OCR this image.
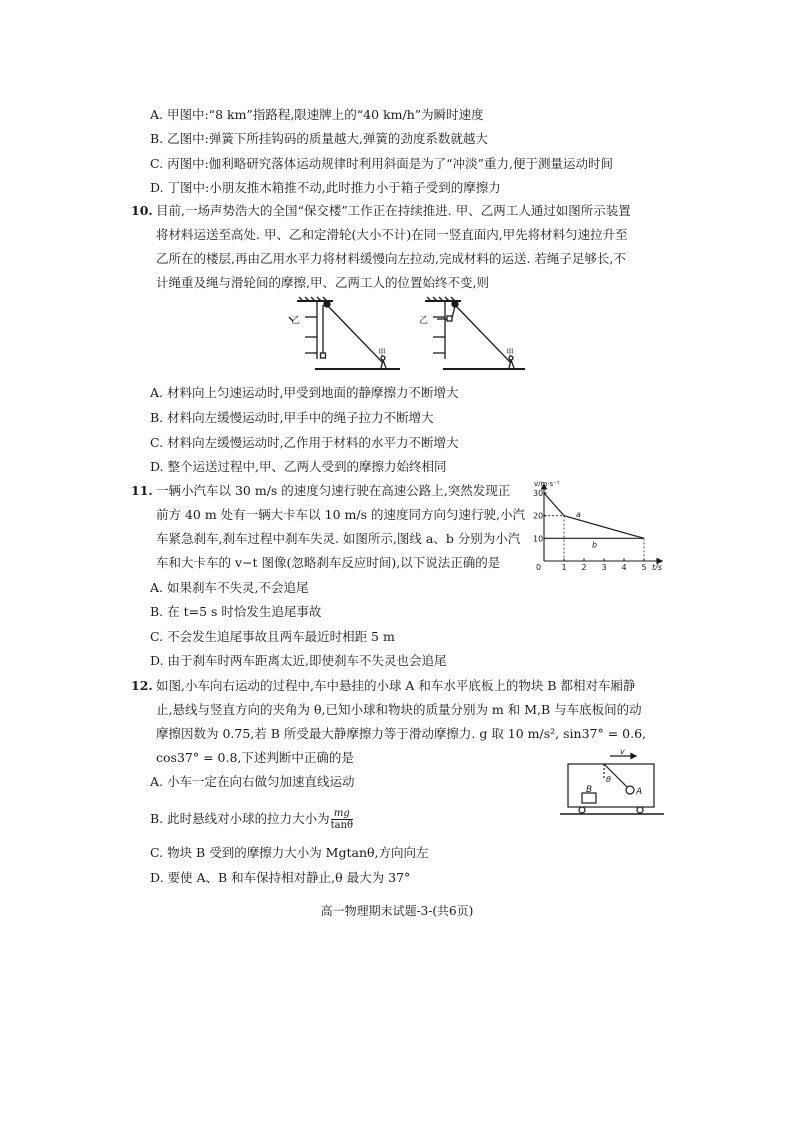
A. 甲图中:“8 km”指路程,限速牌上的“40 km/h”为瞬时速度
B. 乙图中:弹簧下所挂钩码的质量越大,弹簧的劲度系数就越大
C. 丙图中:伽利略研究落体运动规律时利用斜面是为了“冲淡”重力,便于测量运动时间
D. 丁图中:小朋友推木箱推不动,此时推力小于箱子受到的摩擦力
10. 目前,一场声势浩大的全国“保交楼”工作正在持续推进. 甲、乙两工人通过如图所示装置
将材料运送至高处. 甲、乙和定滑轮(大小不计)在同一竖直面内,甲先将材料匀速拉升至
乙所在的楼层,再由乙用水平力将材料缓慢向左拉动,完成材料的运送. 若绳子足够长,不
计绳重及绳与滑轮间的摩擦,甲、乙两工人的位置始终不变,则
乙
甲
乙
甲
A. 材料向上匀速运动时,甲受到地面的静摩擦力不断增大
B. 材料向左缓慢运动时,甲手中的绳子拉力不断增大
C. 材料向左缓慢运动时,乙作用于材料的水平力不断增大
D. 整个运送过程中,甲、乙两人受到的摩擦力始终相同
11. 一辆小汽车以 30 m/s 的速度匀速行驶在高速公路上,突然发现正
前方 40 m 处有一辆大卡车以 10 m/s 的速度同方向匀速行驶,小汽
车紧急刹车,刹车过程中刹车失灵. 如图所示,图线 a、b 分别为小汽
车和大卡车的 v−t 图像(忽略刹车反应时间),以下说法正确的是	0	1 2 3 4 5
10
20
30
a
b
v/m·s⁻¹
t/s
A. 如果刹车不失灵,不会追尾
B. 在 t=5 s 时恰发生追尾事故
C. 不会发生追尾事故且两车最近时相距 5 m
D. 由于刹车时两车距离太近,即使刹车不失灵也会追尾
12. 如图,小车向右运动的过程中,车中悬挂的小球 A 和车水平底板上的物块 B 都相对车厢静
止,悬线与竖直方向的夹角为 θ,已知小球和物块的质量分别为 m 和 M,B 与车底板间的动
摩擦因数为 0.75,若 B 所受最大静摩擦力等于滑动摩擦力. g 取 10 m/s², sin37° = 0.6,
cos37° = 0.8,下述判断中正确的是	v
θ
A
B
A. 小车一定在向右做匀加速直线运动
B. 此时悬线对小球的拉力大小为 $\frac{mg}{\tan\theta}$
C. 物块 B 受到的摩擦力大小为 Mgtanθ,方向向左
D. 要使 A、B 和车保持相对静止,θ 最大为 37°
高一物理期末试题-3-(共6页)
